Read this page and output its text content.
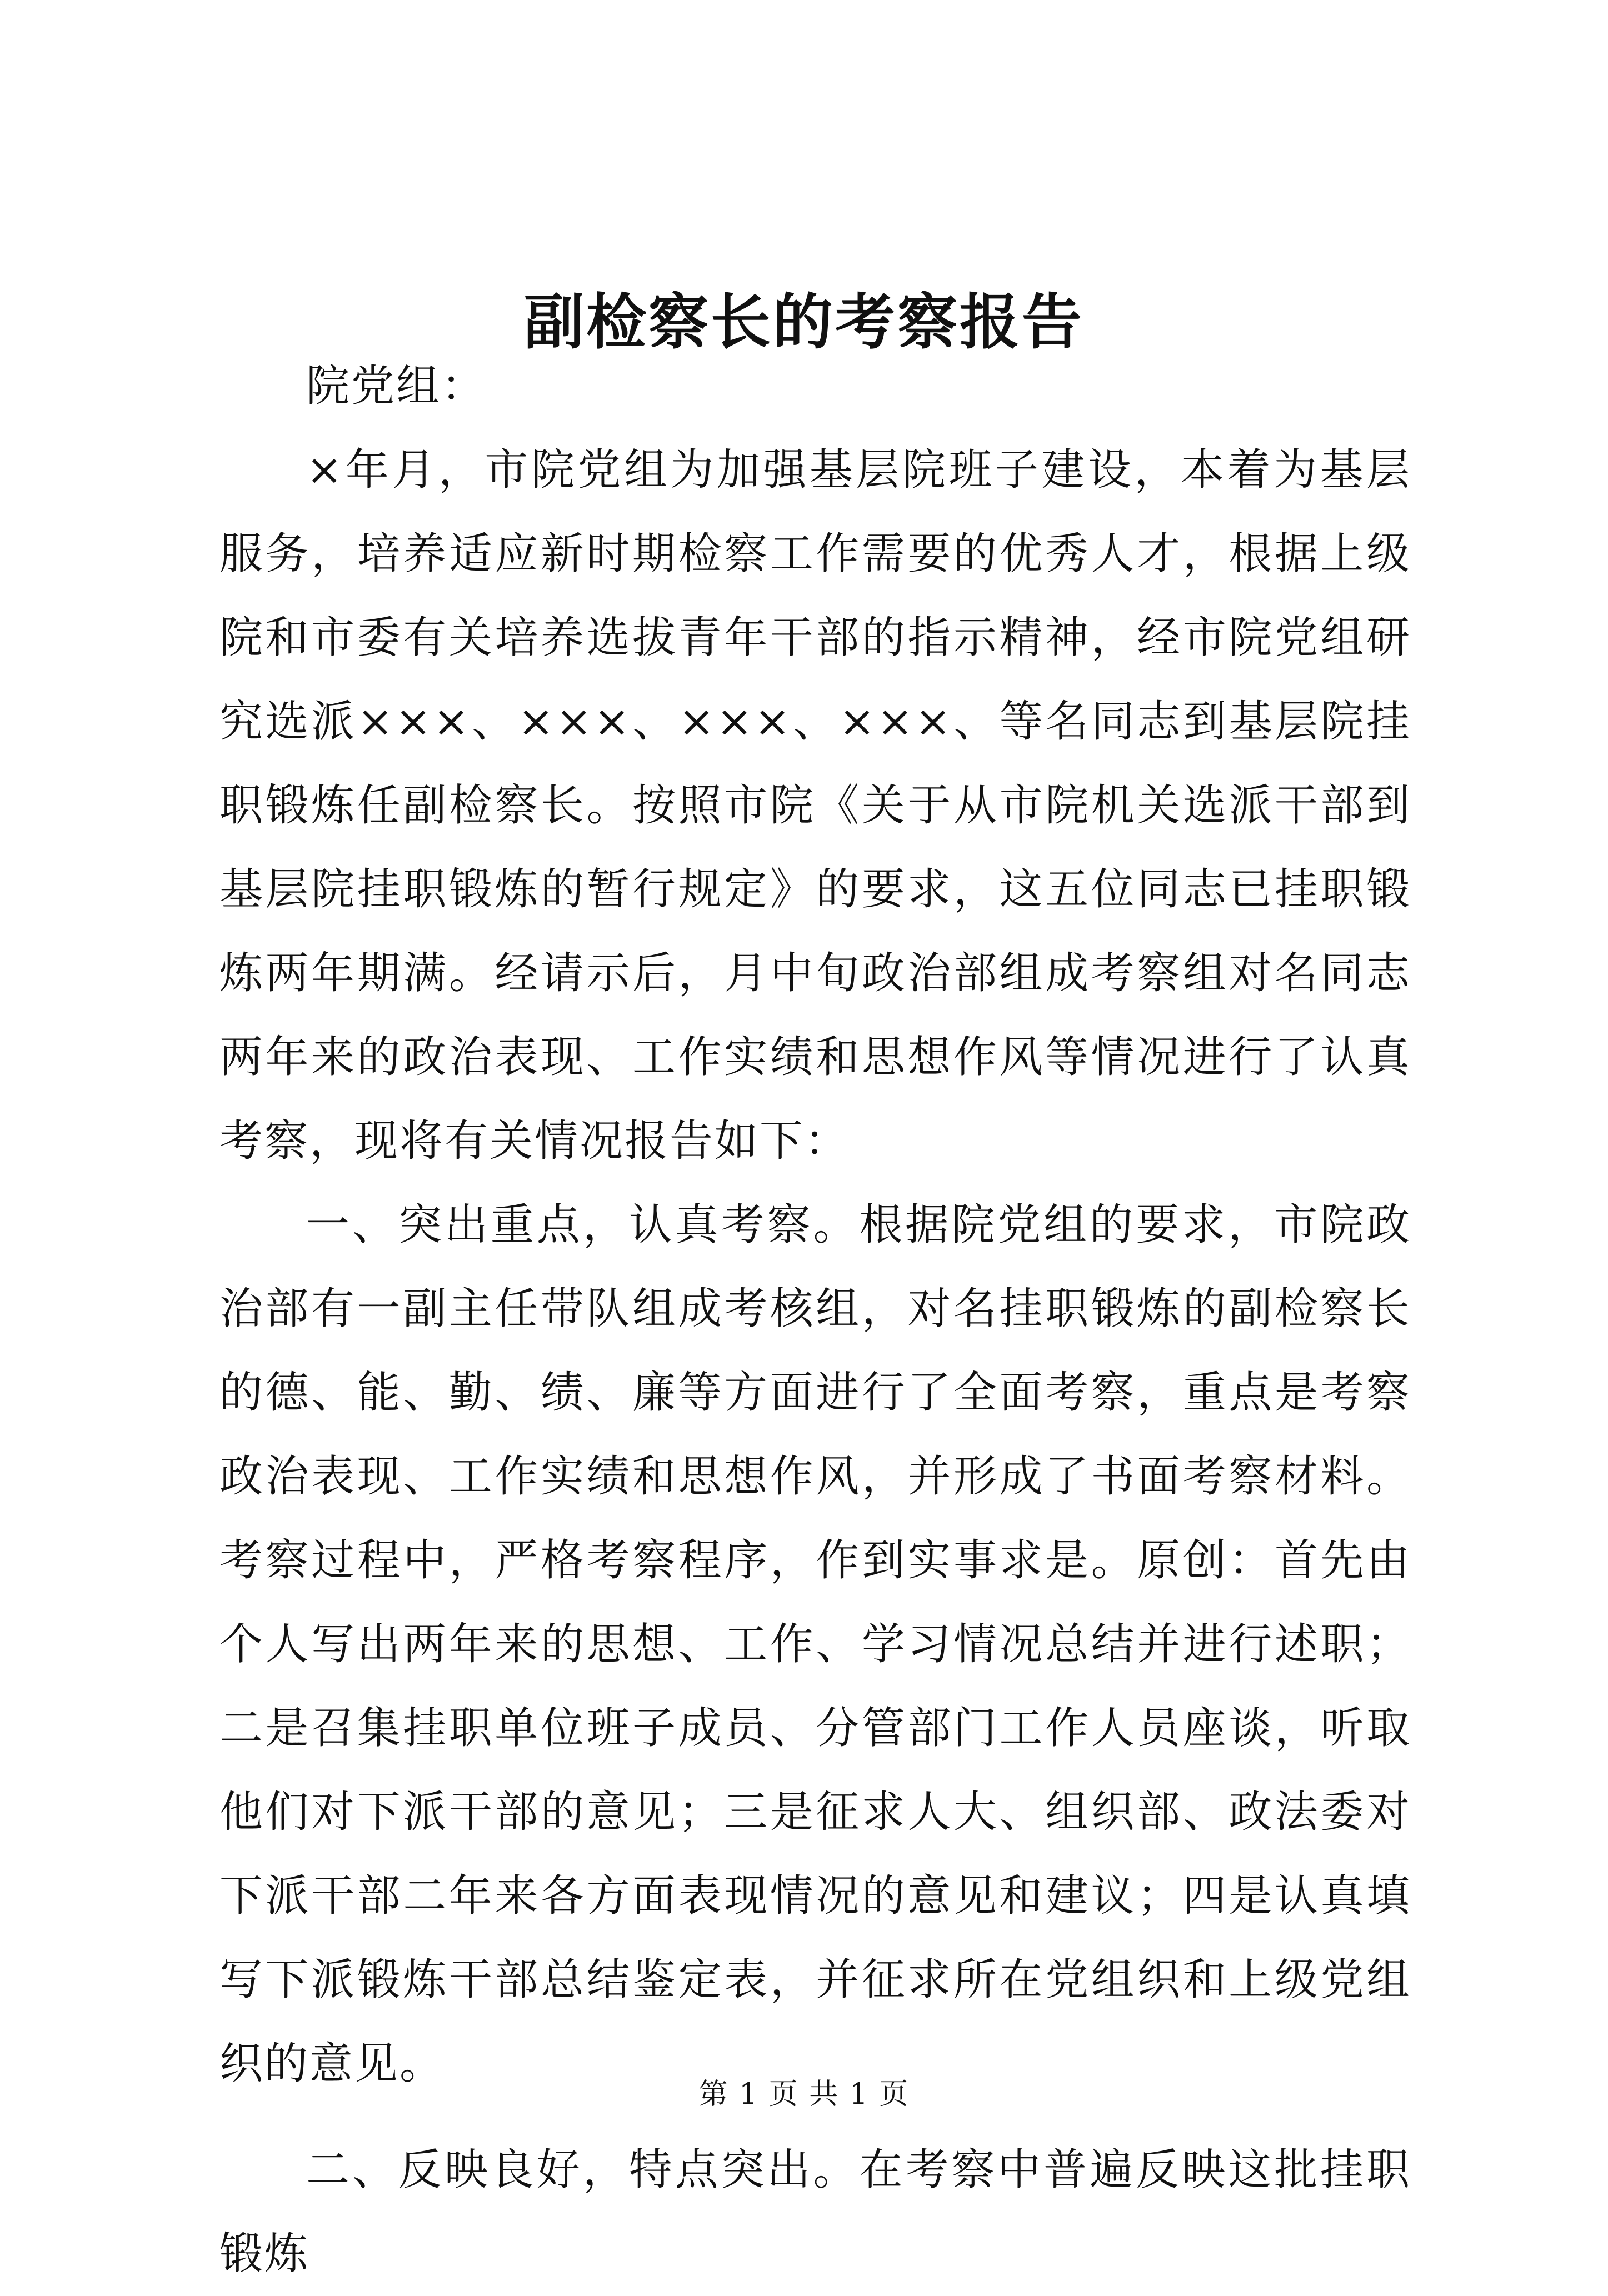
副检察长的考察报告

院党组：

×年月，市院党组为加强基层院班子建设，本着为基层服务，培养适应新时期检察工作需要的优秀人才，根据上级院和市委有关培养选拔青年干部的指示精神，经市院党组研究选派×××、×××、×××、×××、等名同志到基层院挂职锻炼任副检察长。按照市院《关于从市院机关选派干部到基层院挂职锻炼的暂行规定》的要求，这五位同志已挂职锻炼两年期满。经请示后，月中旬政治部组成考察组对名同志两年来的政治表现、工作实绩和思想作风等情况进行了认真考察，现将有关情况报告如下：

一、突出重点，认真考察。根据院党组的要求，市院政治部有一副主任带队组成考核组，对名挂职锻炼的副检察长的德、能、勤、绩、廉等方面进行了全面考察，重点是考察政治表现、工作实绩和思想作风，并形成了书面考察材料。考察过程中，严格考察程序，作到实事求是。原创：首先由个人写出两年来的思想、工作、学习情况总结并进行述职；二是召集挂职单位班子成员、分管部门工作人员座谈，听取他们对下派干部的意见；三是征求人大、组织部、政法委对下派干部二年来各方面表现情况的意见和建议；四是认真填写下派锻炼干部总结鉴定表，并征求所在党组织和上级党组织的意见。

二、反映良好，特点突出。在考察中普遍反映这批挂职锻炼

第 1 页 共 1 页
